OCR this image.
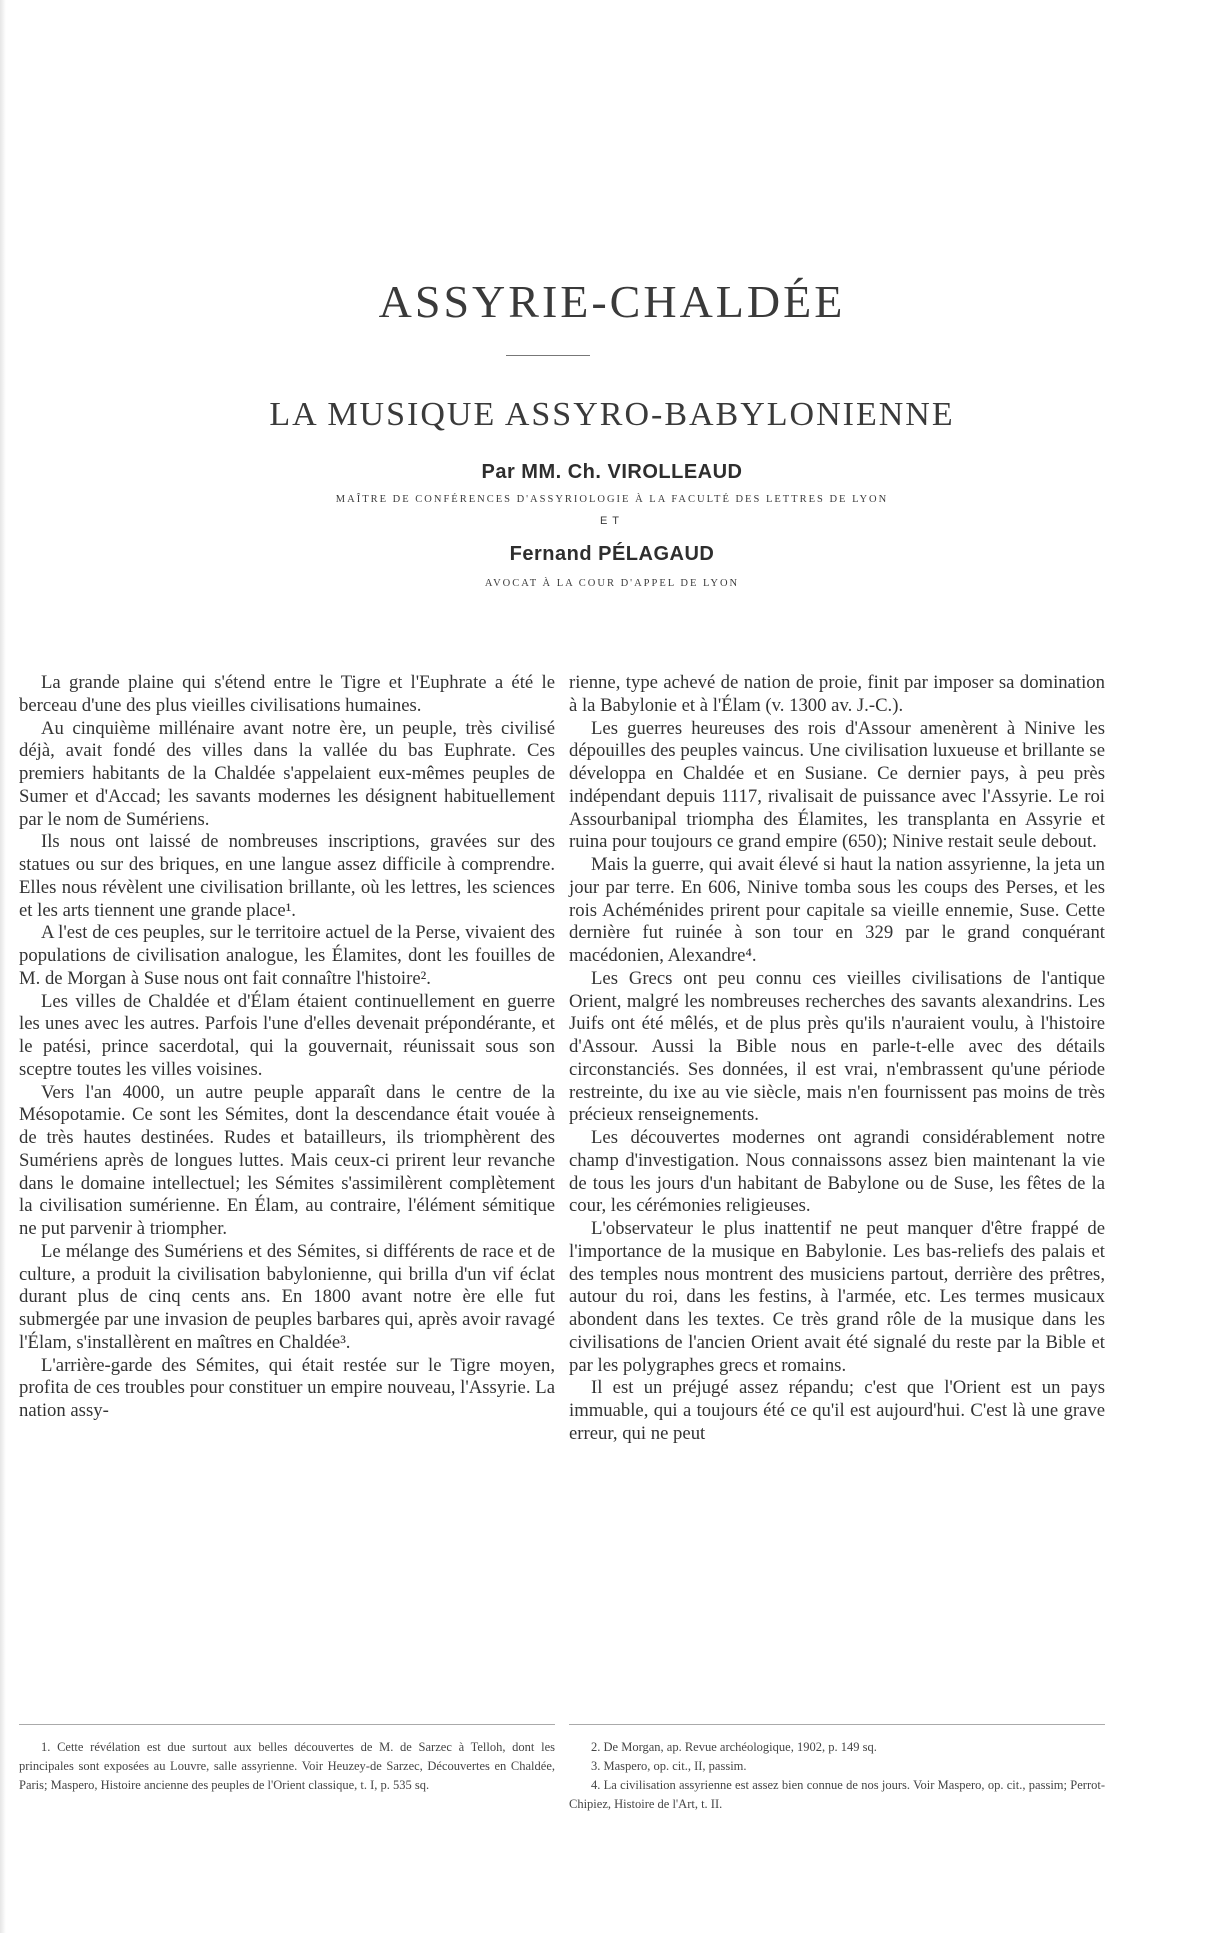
ASSYRIE-CHALDÉE
LA MUSIQUE ASSYRO-BABYLONIENNE
Par MM. Ch. VIROLLEAUD
MAÎTRE DE CONFÉRENCES D'ASSYRIOLOGIE À LA FACULTÉ DES LETTRES DE LYON
ET
Fernand PÉLAGAUD
AVOCAT À LA COUR D'APPEL DE LYON

La grande plaine qui s'étend entre le Tigre et l'Euphrate a été le berceau d'une des plus vieilles civilisations humaines.

Au cinquième millénaire avant notre ère, un peuple, très civilisé déjà, avait fondé des villes dans la vallée du bas Euphrate. Ces premiers habitants de la Chaldée s'appelaient eux-mêmes peuples de Sumer et d'Accad; les savants modernes les désignent habituellement par le nom de Sumériens.

Ils nous ont laissé de nombreuses inscriptions, gravées sur des statues ou sur des briques, en une langue assez difficile à comprendre. Elles nous révèlent une civilisation brillante, où les lettres, les sciences et les arts tiennent une grande place¹.

A l'est de ces peuples, sur le territoire actuel de la Perse, vivaient des populations de civilisation analogue, les Élamites, dont les fouilles de M. de Morgan à Suse nous ont fait connaître l'histoire².

Les villes de Chaldée et d'Élam étaient continuellement en guerre les unes avec les autres. Parfois l'une d'elles devenait prépondérante, et le patési, prince sacerdotal, qui la gouvernait, réunissait sous son sceptre toutes les villes voisines.

Vers l'an 4000, un autre peuple apparaît dans le centre de la Mésopotamie. Ce sont les Sémites, dont la descendance était vouée à de très hautes destinées. Rudes et batailleurs, ils triomphèrent des Sumériens après de longues luttes. Mais ceux-ci prirent leur revanche dans le domaine intellectuel; les Sémites s'assimilèrent complètement la civilisation sumérienne. En Élam, au contraire, l'élément sémitique ne put parvenir à triompher.

Le mélange des Sumériens et des Sémites, si différents de race et de culture, a produit la civilisation babylonienne, qui brilla d'un vif éclat durant plus de cinq cents ans. En 1800 avant notre ère elle fut submergée par une invasion de peuples barbares qui, après avoir ravagé l'Élam, s'installèrent en maîtres en Chaldée³.

L'arrière-garde des Sémites, qui était restée sur le Tigre moyen, profita de ces troubles pour constituer un empire nouveau, l'Assyrie. La nation assy-

rienne, type achevé de nation de proie, finit par imposer sa domination à la Babylonie et à l'Élam (v. 1300 av. J.-C.).

Les guerres heureuses des rois d'Assour amenèrent à Ninive les dépouilles des peuples vaincus. Une civilisation luxueuse et brillante se développa en Chaldée et en Susiane. Ce dernier pays, à peu près indépendant depuis 1117, rivalisait de puissance avec l'Assyrie. Le roi Assourbanipal triompha des Élamites, les transplanta en Assyrie et ruina pour toujours ce grand empire (650); Ninive restait seule debout.

Mais la guerre, qui avait élevé si haut la nation assyrienne, la jeta un jour par terre. En 606, Ninive tomba sous les coups des Perses, et les rois Achéménides prirent pour capitale sa vieille ennemie, Suse. Cette dernière fut ruinée à son tour en 329 par le grand conquérant macédonien, Alexandre⁴.

Les Grecs ont peu connu ces vieilles civilisations de l'antique Orient, malgré les nombreuses recherches des savants alexandrins. Les Juifs ont été mêlés, et de plus près qu'ils n'auraient voulu, à l'histoire d'Assour. Aussi la Bible nous en parle-t-elle avec des détails circonstanciés. Ses données, il est vrai, n'embrassent qu'une période restreinte, du ixe au vie siècle, mais n'en fournissent pas moins de très précieux renseignements.

Les découvertes modernes ont agrandi considérablement notre champ d'investigation. Nous connaissons assez bien maintenant la vie de tous les jours d'un habitant de Babylone ou de Suse, les fêtes de la cour, les cérémonies religieuses.

L'observateur le plus inattentif ne peut manquer d'être frappé de l'importance de la musique en Babylonie. Les bas-reliefs des palais et des temples nous montrent des musiciens partout, derrière des prêtres, autour du roi, dans les festins, à l'armée, etc. Les termes musicaux abondent dans les textes. Ce très grand rôle de la musique dans les civilisations de l'ancien Orient avait été signalé du reste par la Bible et par les polygraphes grecs et romains.

Il est un préjugé assez répandu; c'est que l'Orient est un pays immuable, qui a toujours été ce qu'il est aujourd'hui. C'est là une grave erreur, qui ne peut

1. Cette révélation est due surtout aux belles découvertes de M. de Sarzec à Telloh, dont les principales sont exposées au Louvre, salle assyrienne. Voir Heuzey-de Sarzec, Découvertes en Chaldée, Paris; Maspero, Histoire ancienne des peuples de l'Orient classique, t. I, p. 535 sq.

2. De Morgan, ap. Revue archéologique, 1902, p. 149 sq.

3. Maspero, op. cit., II, passim.

4. La civilisation assyrienne est assez bien connue de nos jours. Voir Maspero, op. cit., passim; Perrot-Chipiez, Histoire de l'Art, t. II.
